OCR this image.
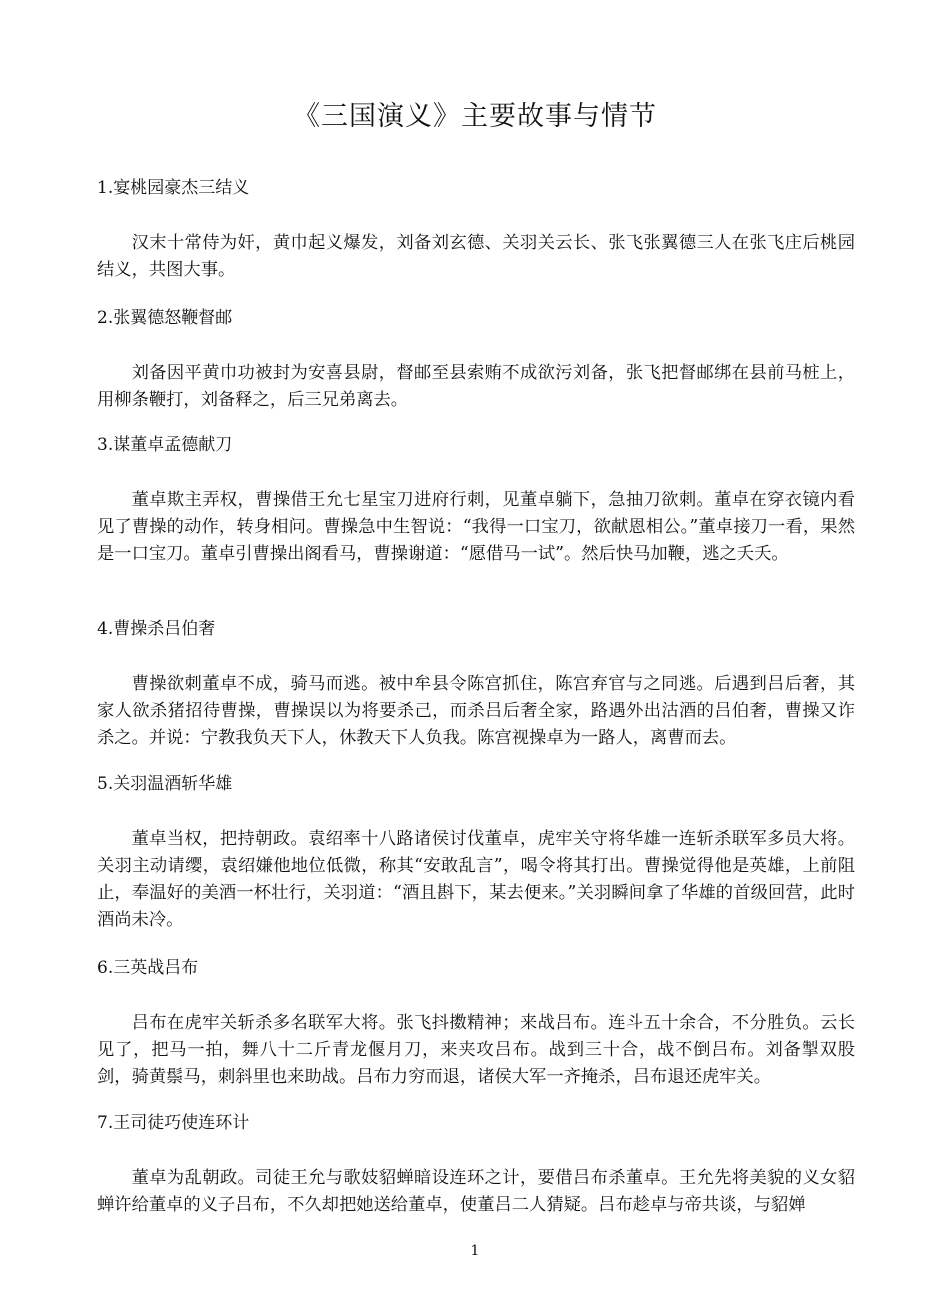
《三国演义》主要故事与情节

1.宴桃园豪杰三结义

汉末十常侍为奸，黄巾起义爆发，刘备刘玄德、关羽关云长、张飞张翼德三人在张飞庄后桃园结义，共图大事。

2.张翼德怒鞭督邮

刘备因平黄巾功被封为安喜县尉，督邮至县索贿不成欲污刘备，张飞把督邮绑在县前马桩上，用柳条鞭打，刘备释之，后三兄弟离去。

3.谋董卓孟德献刀

董卓欺主弄权，曹操借王允七星宝刀进府行刺，见董卓躺下，急抽刀欲刺。董卓在穿衣镜内看见了曹操的动作，转身相问。曹操急中生智说：“我得一口宝刀，欲献恩相公。”董卓接刀一看，果然是一口宝刀。董卓引曹操出阁看马，曹操谢道：“愿借马一试”。然后快马加鞭，逃之夭夭。

4.曹操杀吕伯奢

曹操欲刺董卓不成，骑马而逃。被中牟县令陈宫抓住，陈宫弃官与之同逃。后遇到吕后奢，其家人欲杀猪招待曹操，曹操误以为将要杀己，而杀吕后奢全家，路遇外出沽酒的吕伯奢，曹操又诈杀之。并说：宁教我负天下人，休教天下人负我。陈宫视操卓为一路人，离曹而去。

5.关羽温酒斩华雄

董卓当权，把持朝政。袁绍率十八路诸侯讨伐董卓，虎牢关守将华雄一连斩杀联军多员大将。关羽主动请缨，袁绍嫌他地位低微，称其“安敢乱言”，喝令将其打出。曹操觉得他是英雄，上前阻止，奉温好的美酒一杯壮行，关羽道：“酒且斟下，某去便来。”关羽瞬间拿了华雄的首级回营，此时酒尚未冷。

6.三英战吕布

吕布在虎牢关斩杀多名联军大将。张飞抖擞精神；来战吕布。连斗五十余合，不分胜负。云长见了，把马一拍，舞八十二斤青龙偃月刀，来夹攻吕布。战到三十合，战不倒吕布。刘备掣双股剑，骑黄鬃马，刺斜里也来助战。吕布力穷而退，诸侯大军一齐掩杀，吕布退还虎牢关。

7.王司徒巧使连环计

董卓为乱朝政。司徒王允与歌妓貂蝉暗设连环之计，要借吕布杀董卓。王允先将美貌的义女貂蝉许给董卓的义子吕布，不久却把她送给董卓，使董吕二人猜疑。吕布趁卓与帝共谈，与貂婵

1
